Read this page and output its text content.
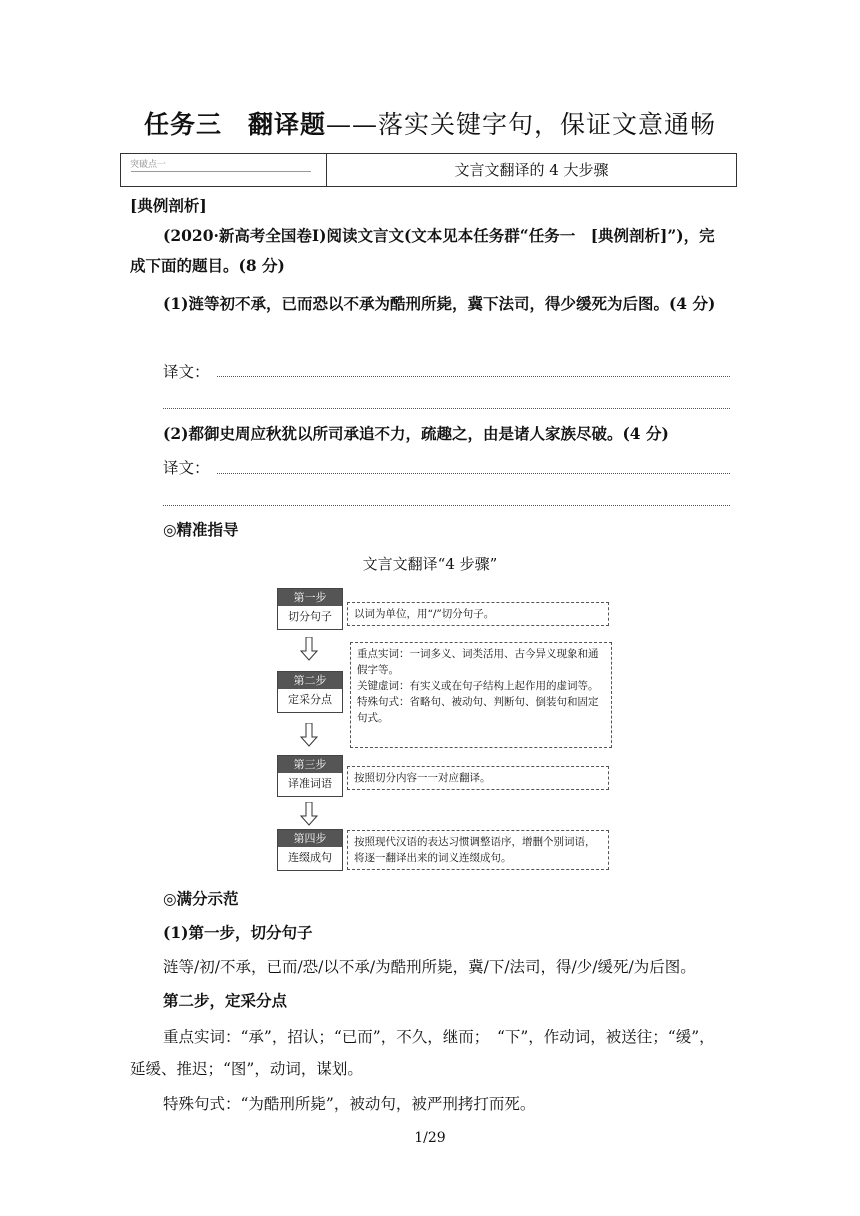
任务三　翻译题——落实关键字句，保证文意通畅
突破点一	文言文翻译的 4 大步骤
[典例剖析]
(2020·新高考全国卷Ⅰ)阅读文言文(文本见本任务群“任务一　[典例剖析]”)，完成下面的题目。(8 分)
(1)涟等初不承，已而恐以不承为酷刑所毙，冀下法司，得少缓死为后图。(4 分)
译文：
(2)都御史周应秋犹以所司承追不力，疏趣之，由是诸人家族尽破。(4 分)
译文：
◎精准指导
文言文翻译“4 步骤”
第一步
切分句子	以词为单位，用“/”切分句子。
第二步
定采分点
重点实词：一词多义、词类活用、古今异义现象和通假字等。
关键虚词：有实义或在句子结构上起作用的虚词等。
特殊句式：省略句、被动句、判断句、倒装句和固定句式。
第三步
译准词语	按照切分内容一一对应翻译。
第四步
连缀成句
按照现代汉语的表达习惯调整语序，增删个别词语，将逐一翻译出来的词义连缀成句。
◎满分示范
(1)第一步，切分句子
涟等/初/不承，已而/恐/以不承/为酷刑所毙，冀/下/法司，得/少/缓死/为后图。
第二步，定采分点
重点实词：“承”，招认；“已而”，不久，继而；　“下”，作动词，被送往；“缓”，延缓、推迟；“图”，动词，谋划。
特殊句式：“为酷刑所毙”，被动句，被严刑拷打而死。
1/29
